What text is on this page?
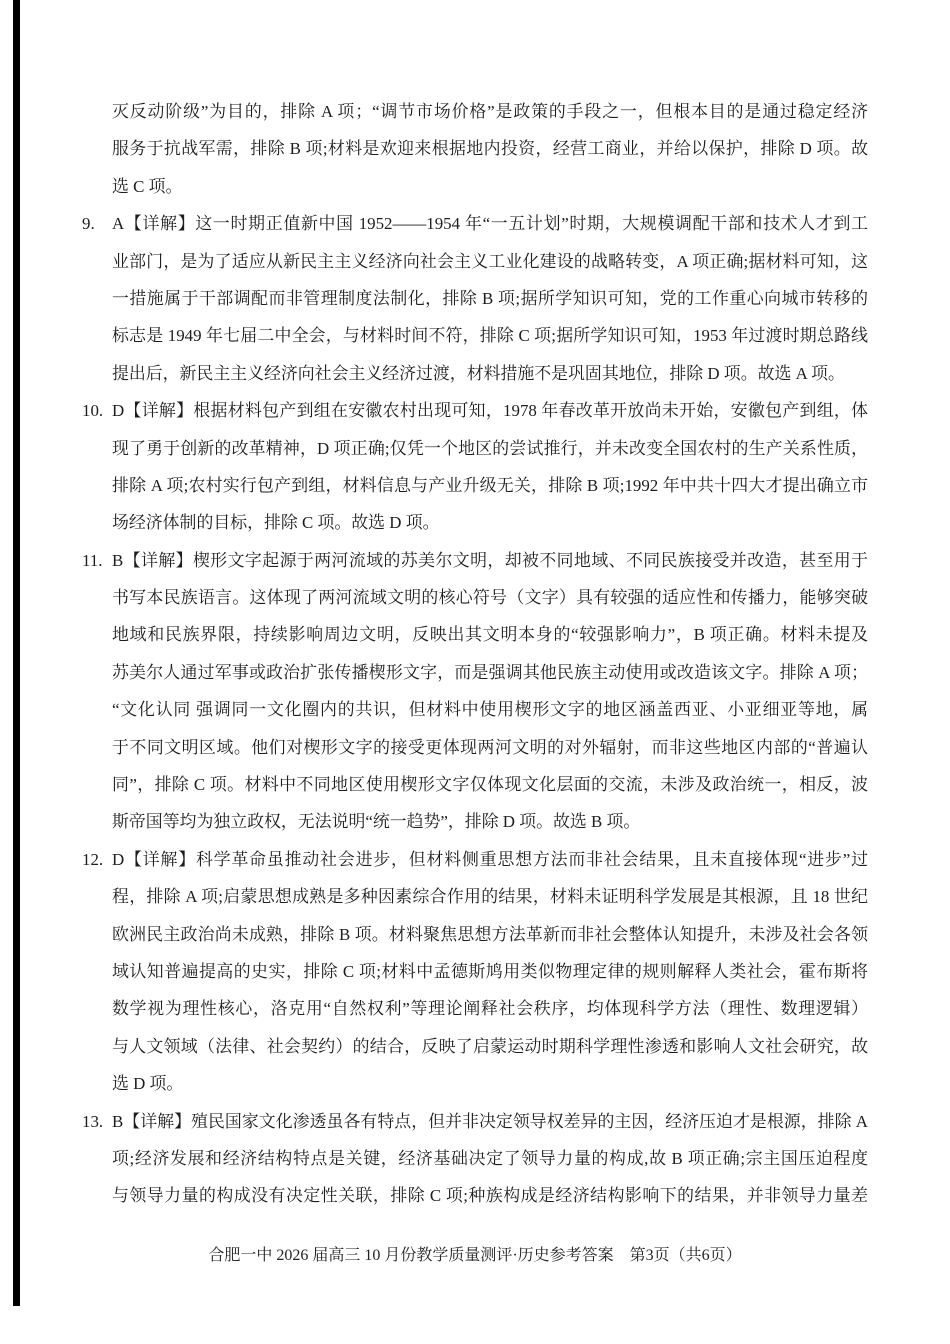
灭反动阶级”为目的，排除 A 项；“调节市场价格”是政策的手段之一，但根本目的是通过稳定经济
服务于抗战军需，排除 B 项;材料是欢迎来根据地内投资，经营工商业，并给以保护，排除 D 项。故
选 C 项。
9. A【详解】这一时期正值新中国 1952——1954 年“一五计划”时期，大规模调配干部和技术人才到工
业部门，是为了适应从新民主主义经济向社会主义工业化建设的战略转变，A 项正确;据材料可知，这
一措施属于干部调配而非管理制度法制化，排除 B 项;据所学知识可知，党的工作重心向城市转移的
标志是 1949 年七届二中全会，与材料时间不符，排除 C 项;据所学知识可知，1953 年过渡时期总路线
提出后，新民主主义经济向社会主义经济过渡，材料措施不是巩固其地位，排除 D 项。故选 A 项。
10. D【详解】根据材料包产到组在安徽农村出现可知，1978 年春改革开放尚未开始，安徽包产到组，体
现了勇于创新的改革精神，D 项正确;仅凭一个地区的尝试推行，并未改变全国农村的生产关系性质，
排除 A 项;农村实行包产到组，材料信息与产业升级无关，排除 B 项;1992 年中共十四大才提出确立市
场经济体制的目标，排除 C 项。故选 D 项。
11. B【详解】楔形文字起源于两河流域的苏美尔文明，却被不同地域、不同民族接受并改造，甚至用于
书写本民族语言。这体现了两河流域文明的核心符号（文字）具有较强的适应性和传播力，能够突破
地域和民族界限，持续影响周边文明，反映出其文明本身的“较强影响力”，B 项正确。材料未提及
苏美尔人通过军事或政治扩张传播楔形文字，而是强调其他民族主动使用或改造该文字。排除 A 项；
“文化认同 强调同一文化圈内的共识，但材料中使用楔形文字的地区涵盖西亚、小亚细亚等地，属
于不同文明区域。他们对楔形文字的接受更体现两河文明的对外辐射，而非这些地区内部的“普遍认
同”，排除 C 项。材料中不同地区使用楔形文字仅体现文化层面的交流，未涉及政治统一，相反，波
斯帝国等均为独立政权，无法说明“统一趋势”，排除 D 项。故选 B 项。
12. D【详解】科学革命虽推动社会进步，但材料侧重思想方法而非社会结果，且未直接体现“进步”过
程，排除 A 项;启蒙思想成熟是多种因素综合作用的结果，材料未证明科学发展是其根源，且 18 世纪
欧洲民主政治尚未成熟，排除 B 项。材料聚焦思想方法革新而非社会整体认知提升，未涉及社会各领
域认知普遍提高的史实，排除 C 项;材料中孟德斯鸠用类似物理定律的规则解释人类社会，霍布斯将
数学视为理性核心，洛克用“自然权利”等理论阐释社会秩序，均体现科学方法（理性、数理逻辑）
与人文领域（法律、社会契约）的结合，反映了启蒙运动时期科学理性渗透和影响人文社会研究，故
选 D 项。
13. B【详解】殖民国家文化渗透虽各有特点，但并非决定领导权差异的主因，经济压迫才是根源，排除 A
项;经济发展和经济结构特点是关键，经济基础决定了领导力量的构成,故 B 项正确;宗主国压迫程度
与领导力量的构成没有决定性关联，排除 C 项;种族构成是经济结构影响下的结果，并非领导力量差
合肥一中 2026 届高三 10 月份教学质量测评·历史参考答案　第3页（共6页）
